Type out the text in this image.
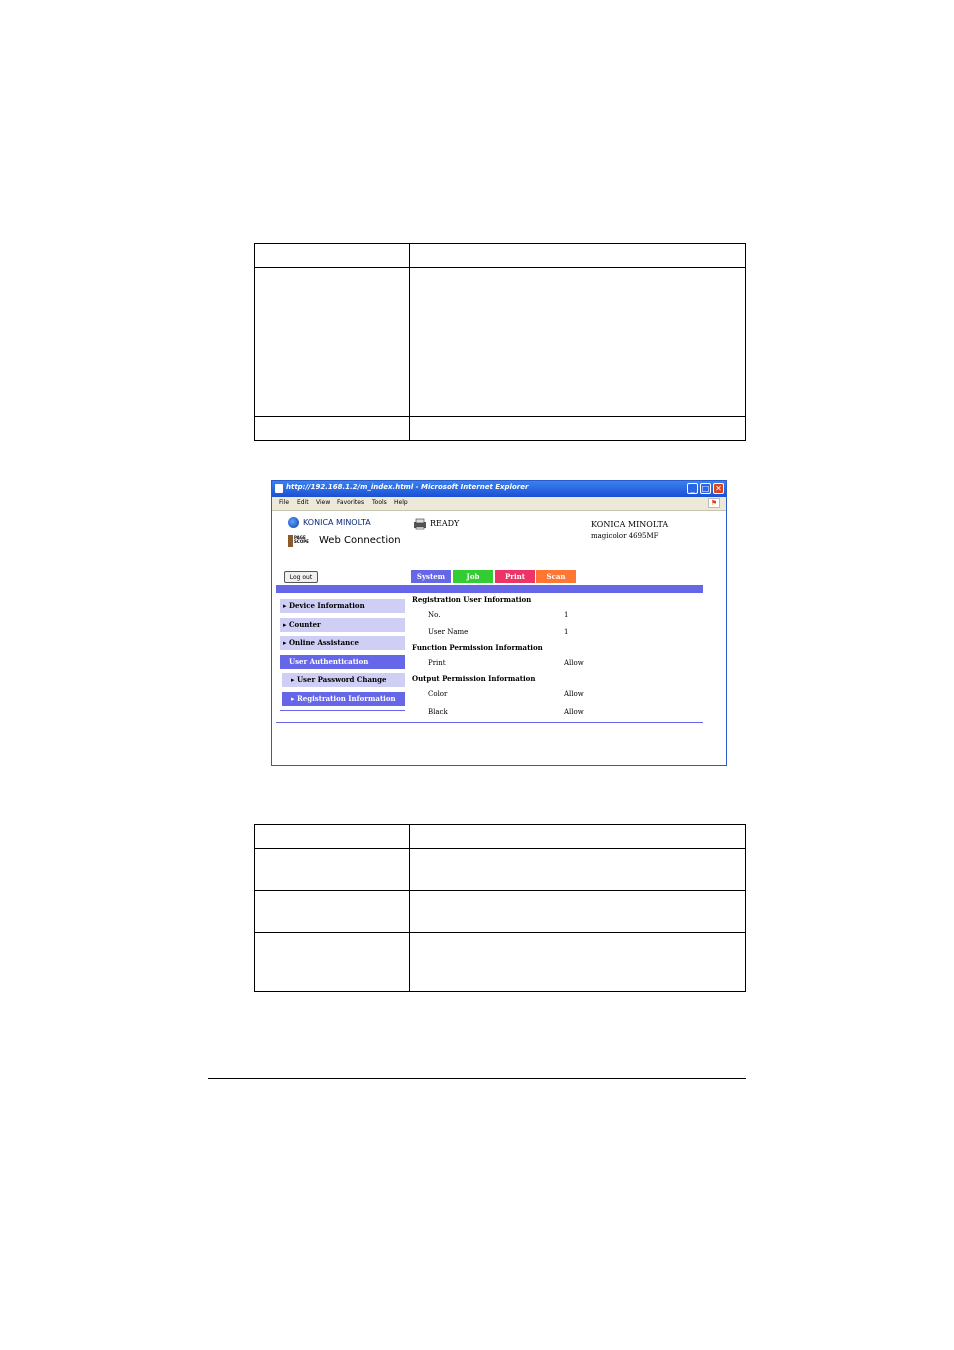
http://192.168.1.2/m_index.html - Microsoft Internet Explorer	_ □ ✕
File Edit View Favorites Tools Help	⚑
KONICA MINOLTA
PAGE SCOPE	Web Connection
READY	KONICA MINOLTA
magicolor 4695MF
Log out	System	Job	Print	Scan
▸ Device Information
▸ Counter
▸ Online Assistance
User Authentication
▸ User Password Change
▸ Registration Information
Registration User Information
No.	1
User Name	1
Function Permission Information
Print	Allow
Output Permission Information
Color	Allow
Black	Allow
